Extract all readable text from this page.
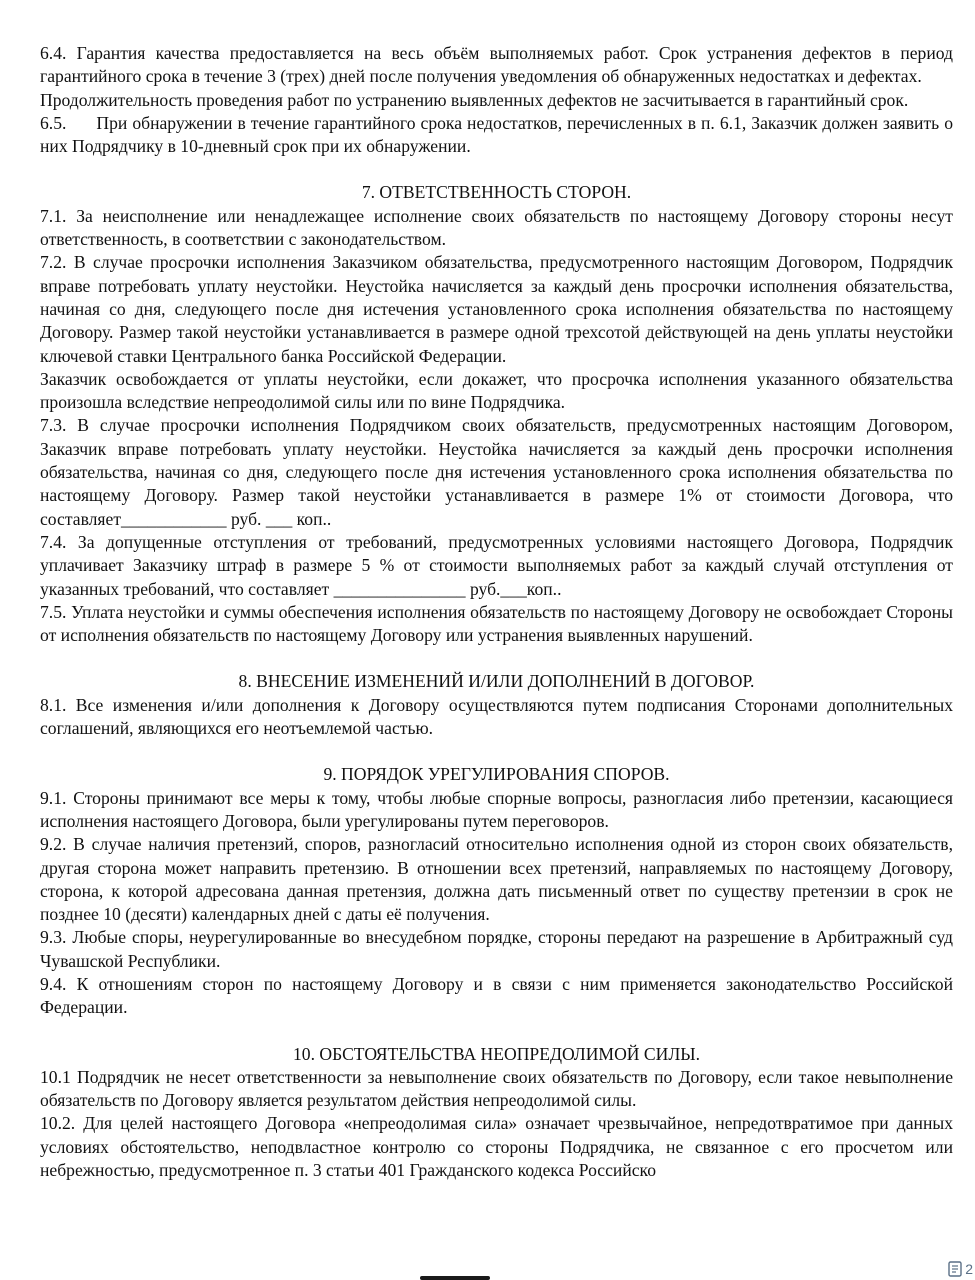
6.4. Гарантия качества предоставляется на весь объём выполняемых работ. Срок устранения дефектов в период гарантийного срока в течение 3 (трех) дней после получения уведомления об обнаруженных недостатках и дефектах.

Продолжительность проведения работ по устранению выявленных дефектов не засчитывается в гарантийный срок.

6.5. При обнаружении в течение гарантийного срока недостатков, перечисленных в п. 6.1, Заказчик должен заявить о них Подрядчику в 10-дневный срок при их обнаружении.

7. ОТВЕТСТВЕННОСТЬ СТОРОН.

7.1. За неисполнение или ненадлежащее исполнение своих обязательств по настоящему Договору стороны несут ответственность, в соответствии с законодательством.

7.2. В случае просрочки исполнения Заказчиком обязательства, предусмотренного настоящим Договором, Подрядчик вправе потребовать уплату неустойки. Неустойка начисляется за каждый день просрочки исполнения обязательства, начиная со дня, следующего после дня истечения установленного срока исполнения обязательства по настоящему Договору. Размер такой неустойки устанавливается в размере одной трехсотой действующей на день уплаты неустойки ключевой ставки Центрального банка Российской Федерации.

Заказчик освобождается от уплаты неустойки, если докажет, что просрочка исполнения указанного обязательства произошла вследствие непреодолимой силы или по вине Подрядчика.

7.3. В случае просрочки исполнения Подрядчиком своих обязательств, предусмотренных настоящим Договором, Заказчик вправе потребовать уплату неустойки. Неустойка начисляется за каждый день просрочки исполнения обязательства, начиная со дня, следующего после дня истечения установленного срока исполнения обязательства по настоящему Договору. Размер такой неустойки устанавливается в размере 1% от стоимости Договора, что составляет____________ руб. ___ коп..

7.4. За допущенные отступления от требований, предусмотренных условиями настоящего Договора, Подрядчик уплачивает Заказчику штраф в размере 5 % от стоимости выполняемых работ за каждый случай отступления от указанных требований, что составляет _______________ руб.___коп..

7.5. Уплата неустойки и суммы обеспечения исполнения обязательств по настоящему Договору не освобождает Стороны от исполнения обязательств по настоящему Договору или устранения выявленных нарушений.

8. ВНЕСЕНИЕ ИЗМЕНЕНИЙ И/ИЛИ ДОПОЛНЕНИЙ В ДОГОВОР.

8.1. Все изменения и/или дополнения к Договору осуществляются путем подписания Сторонами дополнительных соглашений, являющихся его неотъемлемой частью.

9. ПОРЯДОК УРЕГУЛИРОВАНИЯ СПОРОВ.

9.1. Стороны принимают все меры к тому, чтобы любые спорные вопросы, разногласия либо претензии, касающиеся исполнения настоящего Договора, были урегулированы путем переговоров.

9.2. В случае наличия претензий, споров, разногласий относительно исполнения одной из сторон своих обязательств, другая сторона может направить претензию. В отношении всех претензий, направляемых по настоящему Договору, сторона, к которой адресована данная претензия, должна дать письменный ответ по существу претензии в срок не позднее 10 (десяти) календарных дней с даты её получения.

9.3. Любые споры, неурегулированные во внесудебном порядке, стороны передают на разрешение в Арбитражный суд Чувашской Республики.

9.4. К отношениям сторон по настоящему Договору и в связи с ним применяется законодательство Российской Федерации.

10. ОБСТОЯТЕЛЬСТВА НЕОПРЕДОЛИМОЙ СИЛЫ.

10.1 Подрядчик не несет ответственности за невыполнение своих обязательств по Договору, если такое невыполнение обязательств по Договору является результатом действия непреодолимой силы.

10.2. Для целей настоящего Договора «непреодолимая сила» означает чрезвычайное, непредотвратимое при данных условиях обстоятельство, неподвластное контролю со стороны Подрядчика, не связанное с его просчетом или небрежностью, предусмотренное п. 3 статьи 401 Гражданского кодекса Российско

2
